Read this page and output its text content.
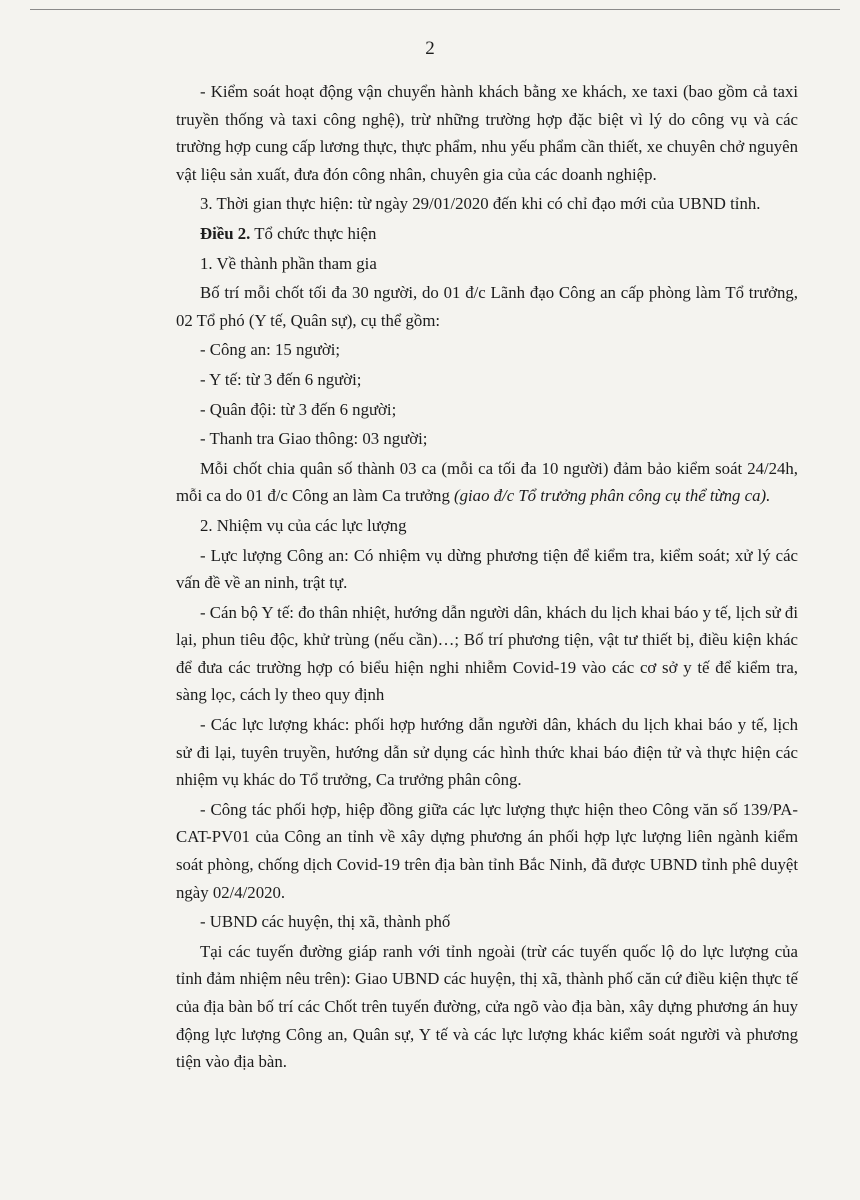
2

- Kiểm soát hoạt động vận chuyển hành khách bằng xe khách, xe taxi (bao gồm cả taxi truyền thống và taxi công nghệ), trừ những trường hợp đặc biệt vì lý do công vụ và các trường hợp cung cấp lương thực, thực phẩm, nhu yếu phẩm cần thiết, xe chuyên chở nguyên vật liệu sản xuất, đưa đón công nhân, chuyên gia của các doanh nghiệp.

3. Thời gian thực hiện: từ ngày 29/01/2020 đến khi có chỉ đạo mới của UBND tỉnh.

Điều 2. Tổ chức thực hiện

1. Về thành phần tham gia

Bố trí mỗi chốt tối đa 30 người, do 01 đ/c Lãnh đạo Công an cấp phòng làm Tổ trưởng, 02 Tổ phó (Y tế, Quân sự), cụ thể gồm:

- Công an: 15 người;

- Y tế: từ 3 đến 6 người;

- Quân đội: từ 3 đến 6 người;

- Thanh tra Giao thông: 03 người;

Mỗi chốt chia quân số thành 03 ca (mỗi ca tối đa 10 người) đảm bảo kiểm soát 24/24h, mỗi ca do 01 đ/c Công an làm Ca trưởng (giao đ/c Tổ trưởng phân công cụ thể từng ca).

2. Nhiệm vụ của các lực lượng

- Lực lượng Công an: Có nhiệm vụ dừng phương tiện để kiểm tra, kiểm soát; xử lý các vấn đề về an ninh, trật tự.

- Cán bộ Y tế: đo thân nhiệt, hướng dẫn người dân, khách du lịch khai báo y tế, lịch sử đi lại, phun tiêu độc, khử trùng (nếu cần)…; Bố trí phương tiện, vật tư thiết bị, điều kiện khác để đưa các trường hợp có biểu hiện nghi nhiễm Covid-19 vào các cơ sở y tế để kiểm tra, sàng lọc, cách ly theo quy định

- Các lực lượng khác: phối hợp hướng dẫn người dân, khách du lịch khai báo y tế, lịch sử đi lại, tuyên truyền, hướng dẫn sử dụng các hình thức khai báo điện tử và thực hiện các nhiệm vụ khác do Tổ trưởng, Ca trưởng phân công.

- Công tác phối hợp, hiệp đồng giữa các lực lượng thực hiện theo Công văn số 139/PA-CAT-PV01 của Công an tỉnh về xây dựng phương án phối hợp lực lượng liên ngành kiểm soát phòng, chống dịch Covid-19 trên địa bàn tỉnh Bắc Ninh, đã được UBND tỉnh phê duyệt ngày 02/4/2020.

- UBND các huyện, thị xã, thành phố

Tại các tuyến đường giáp ranh với tỉnh ngoài (trừ các tuyến quốc lộ do lực lượng của tỉnh đảm nhiệm nêu trên): Giao UBND các huyện, thị xã, thành phố căn cứ điều kiện thực tế của địa bàn bố trí các Chốt trên tuyến đường, cửa ngõ vào địa bàn, xây dựng phương án huy động lực lượng Công an, Quân sự, Y tế và các lực lượng khác kiểm soát người và phương tiện vào địa bàn.
